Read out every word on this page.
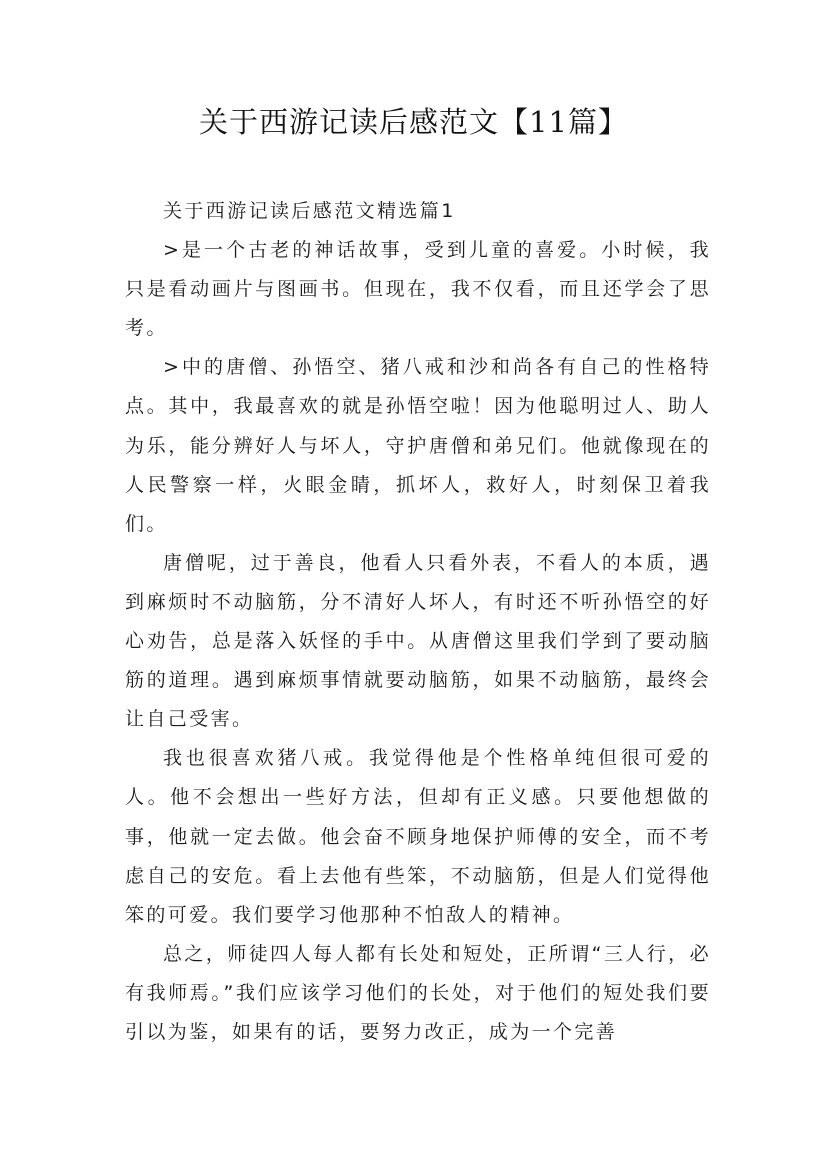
关于西游记读后感范文【11篇】

关于西游记读后感范文精选篇1

>是一个古老的神话故事，受到儿童的喜爱。小时候，我只是看动画片与图画书。但现在，我不仅看，而且还学会了思考。

>中的唐僧、孙悟空、猪八戒和沙和尚各有自己的性格特点。其中，我最喜欢的就是孙悟空啦！因为他聪明过人、助人为乐，能分辨好人与坏人，守护唐僧和弟兄们。他就像现在的人民警察一样，火眼金睛，抓坏人，救好人，时刻保卫着我们。

唐僧呢，过于善良，他看人只看外表，不看人的本质，遇到麻烦时不动脑筋，分不清好人坏人，有时还不听孙悟空的好心劝告，总是落入妖怪的手中。从唐僧这里我们学到了要动脑筋的道理。遇到麻烦事情就要动脑筋，如果不动脑筋，最终会让自己受害。

我也很喜欢猪八戒。我觉得他是个性格单纯但很可爱的人。他不会想出一些好方法，但却有正义感。只要他想做的事，他就一定去做。他会奋不顾身地保护师傅的安全，而不考虑自己的安危。看上去他有些笨，不动脑筋，但是人们觉得他笨的可爱。我们要学习他那种不怕敌人的精神。

总之，师徒四人每人都有长处和短处，正所谓“三人行，必有我师焉。”我们应该学习他们的长处，对于他们的短处我们要引以为鉴，如果有的话，要努力改正，成为一个完善
